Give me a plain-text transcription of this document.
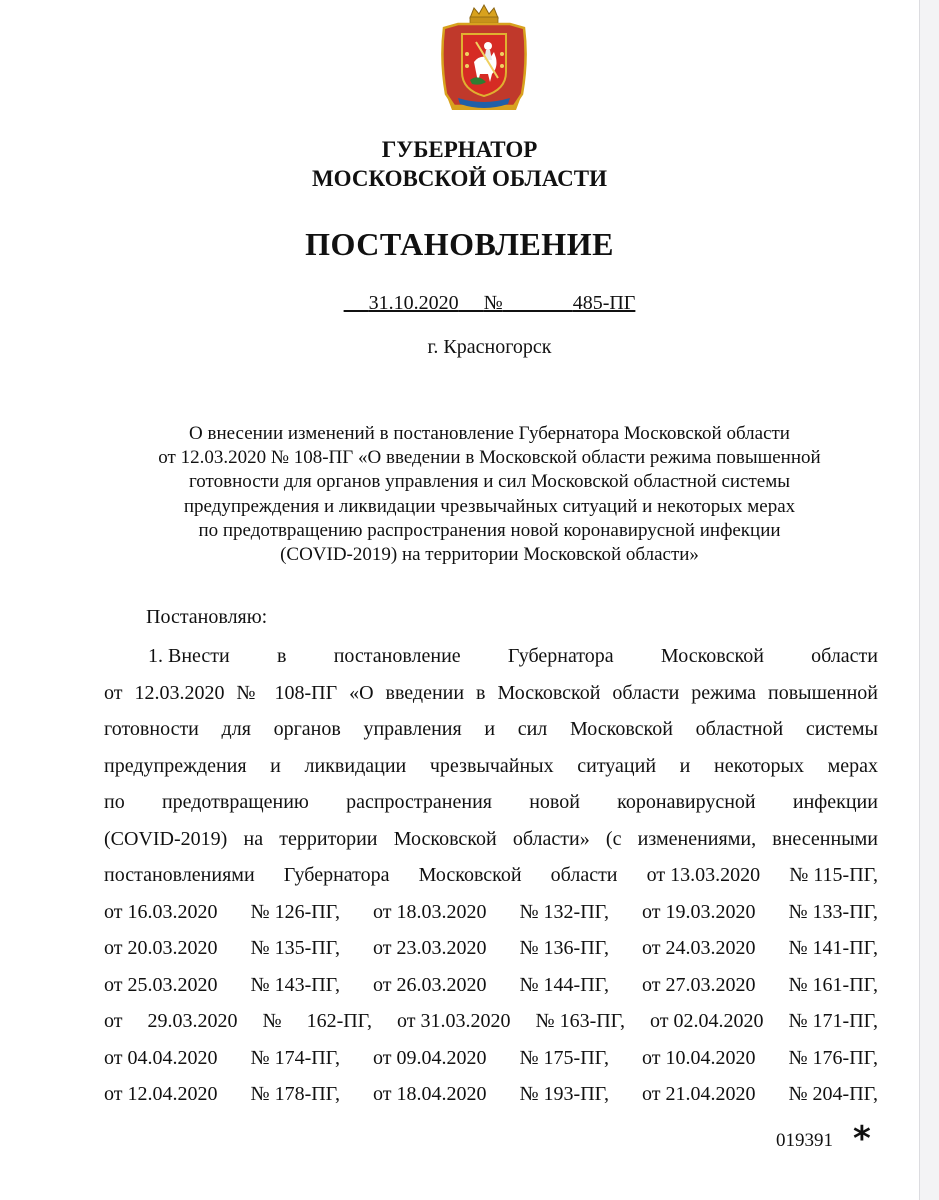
ГУБЕРНАТОР
МОСКОВСКОЙ ОБЛАСТИ
ПОСТАНОВЛЕНИЕ
31.10.2020 №	485-ПГ
г. Красногорск
О внесении изменений в постановление Губернатора Московской области
от 12.03.2020 № 108-ПГ «О введении в Московской области режима повышенной
готовности для органов управления и сил Московской областной системы
предупреждения и ликвидации чрезвычайных ситуаций и некоторых мерах
по предотвращению распространения новой коронавирусной инфекции
(COVID-2019) на территории Московской области»
Постановляю:
1. Внести в постановление Губернатора Московской области
от 12.03.2020 № 108-ПГ «О введении в Московской области режима повышенной
готовности для органов управления и сил Московской областной системы
предупреждения и ликвидации чрезвычайных ситуаций и некоторых мерах
по предотвращению распространения новой коронавирусной инфекции
(COVID-2019) на территории Московской области» (с изменениями, внесенными
постановлениями Губернатора Московской области от 13.03.2020 № 115-ПГ,
от 16.03.2020 № 126-ПГ, от 18.03.2020 № 132-ПГ, от 19.03.2020 № 133-ПГ,
от 20.03.2020 № 135-ПГ, от 23.03.2020 № 136-ПГ, от 24.03.2020 № 141-ПГ,
от 25.03.2020 № 143-ПГ, от 26.03.2020 № 144-ПГ, от 27.03.2020 № 161-ПГ,
от 29.03.2020 № 162-ПГ, от 31.03.2020 № 163-ПГ, от 02.04.2020 № 171-ПГ,
от 04.04.2020 № 174-ПГ, от 09.04.2020 № 175-ПГ, от 10.04.2020 № 176-ПГ,
от 12.04.2020 № 178-ПГ, от 18.04.2020 № 193-ПГ, от 21.04.2020 № 204-ПГ,
019391 *
